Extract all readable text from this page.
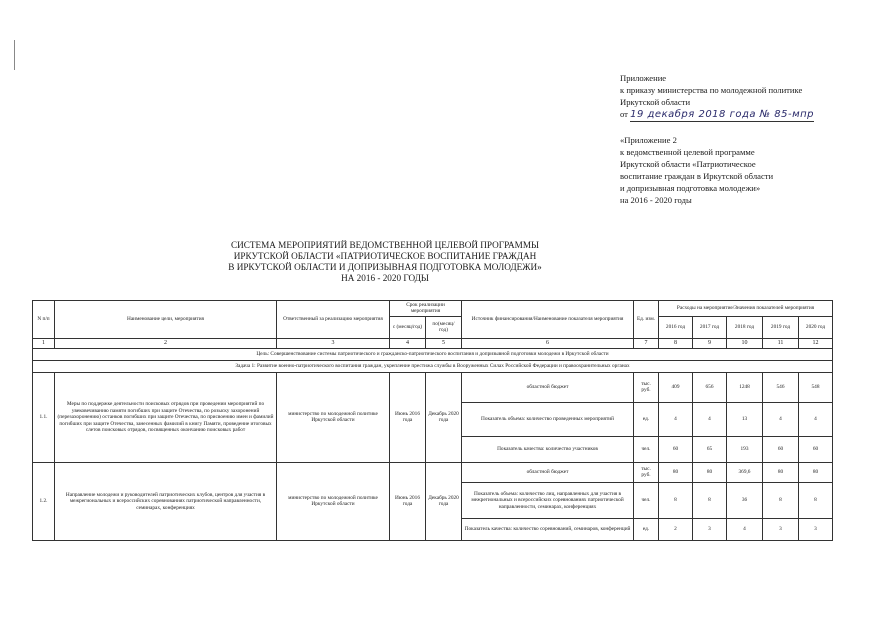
Приложение
к приказу министерства по молодежной политике
Иркутской области
от 19 декабря 2018 года № 85-мпр
«Приложение 2
к ведомственной целевой программе
Иркутской области «Патриотическое
воспитание граждан в Иркутской области
и допризывная подготовка молодежи»
на 2016 - 2020 годы
СИСТЕМА МЕРОПРИЯТИЙ ВЕДОМСТВЕННОЙ ЦЕЛЕВОЙ ПРОГРАММЫ
ИРКУТСКОЙ ОБЛАСТИ «ПАТРИОТИЧЕСКОЕ ВОСПИТАНИЕ ГРАЖДАН
В ИРКУТСКОЙ ОБЛАСТИ И ДОПРИЗЫВНАЯ ПОДГОТОВКА МОЛОДЕЖИ»
НА 2016 - 2020 ГОДЫ
N п/п	Наименование цели, мероприятия	Ответственный за реализацию мероприятия	Срок реализации мероприятия		Источник финансирования/Наименование показателя мероприятия	Ед. изм.	Расходы на мероприятие/Значения показателей мероприятия				
			с (месяц/год)	по(месяц/год)			2016 год	2017 год	2018 год	2019 год	2020 год
1	2	3	4	5	6	7	8	9	10	11	12
Цель: Совершенствование системы патриотического и гражданско-патриотического воспитания и допризывной подготовки молодежи в Иркутской области											
Задача 1: Развитие военно-патриотического воспитания граждан, укрепление престижа службы в Вооруженных Силах Российской Федерации и правоохранительных органах											
1.1.	Меры по поддержке деятельности поисковых отрядов при проведении мероприятий по увековечиванию памяти погибших при защите Отечества, по розыску захоронений (перезахоронению) останков погибших при защите Отечества, по присвоению имен и фамилий погибших при защите Отечества, занесенных фамилий в книгу Памяти, проведение итоговых слетов поисковых отрядов, посвященных окончанию поисковых работ	министерство по молодежной политике Иркутской области	Июнь 2016 года	Декабрь 2020 года	областной бюджет	тыс. руб.	409	656	1248	546	548
					Показатель объема: количество проведенных мероприятий	ед.	4	4	13	4	4
					Показатель качества: количество участников	чел.	60	65	193	60	60
1.2.	Направление молодежи и руководителей патриотических клубов, центров для участия в межрегиональных и всероссийских соревнованиях патриотической направленности, семинарах, конференциях	министерство по молодежной политике Иркутской области	Июнь 2016 года	Декабрь 2020 года	областной бюджет	тыс. руб.	80	80	369,6	80	80
					Показатель объема: количество лиц, направленных для участия в межрегиональных и всероссийских соревнованиях патриотической направленности, семинарах, конференциях	чел.	8	8	36	8	8
					Показатель качества: количество соревнований, семинаров, конференций	ед.	2	3	4	3	3
